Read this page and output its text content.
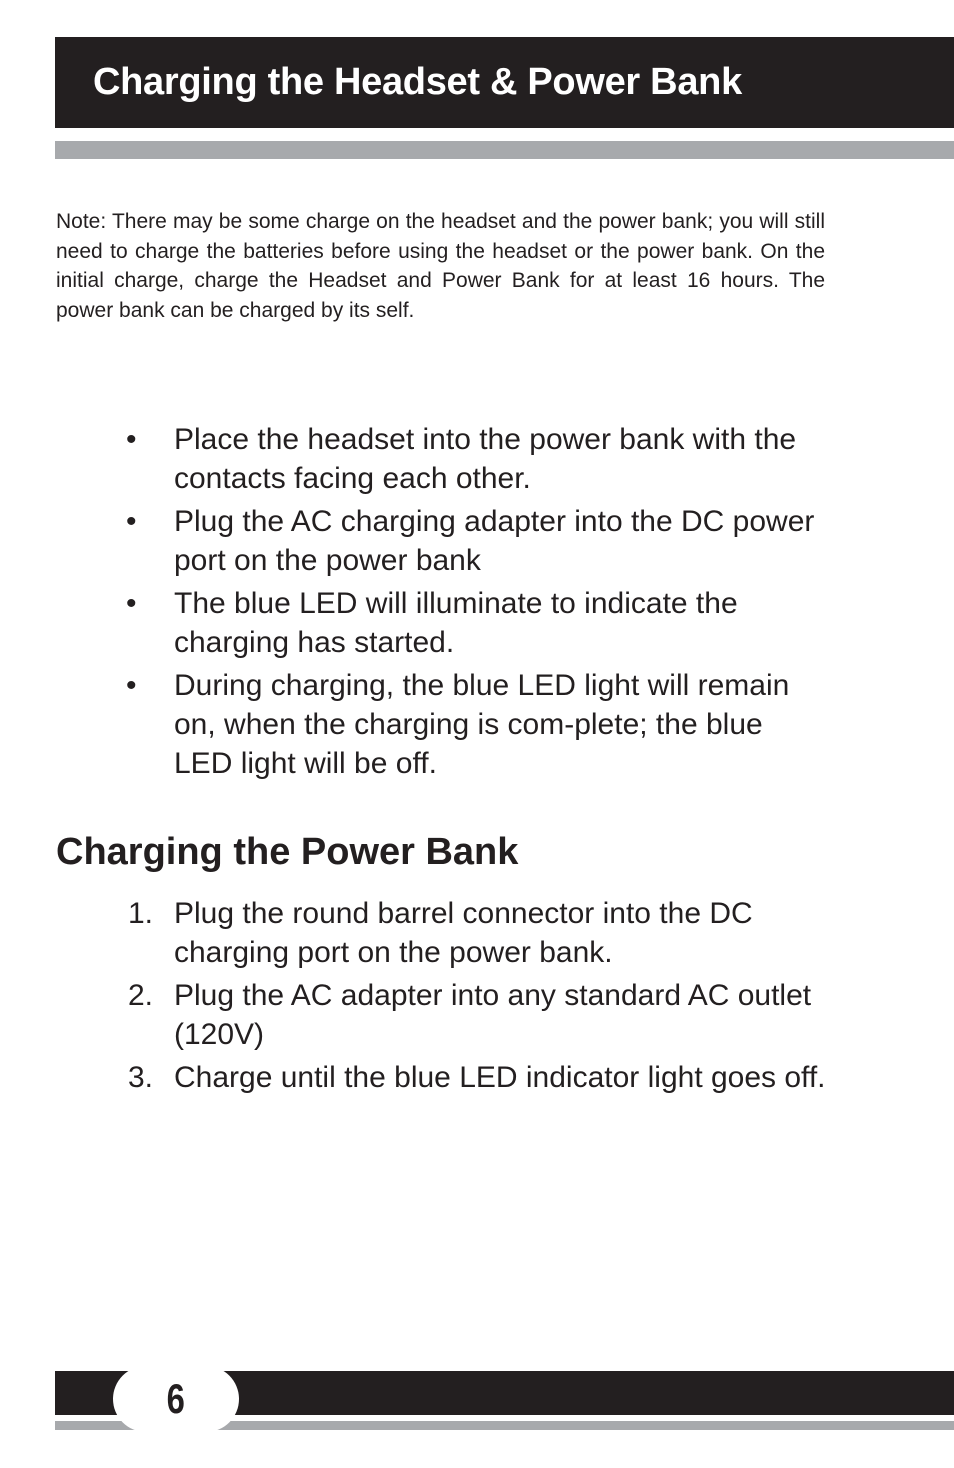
Charging the Headset & Power Bank

Note: There may be some charge on the headset and the power bank; you will still need to charge the batteries before using the headset or the power bank. On the initial charge, charge the Headset and Power Bank for at least 16 hours. The power bank can be charged by its self.

• Place the headset into the power bank with the contacts facing each other.
• Plug the AC charging adapter into the DC power port on the power bank
• The blue LED will illuminate to indicate the charging has started.
• During charging, the blue LED light will remain on, when the charging is com-plete; the blue LED light will be off.
Charging the Power Bank
1. Plug the round barrel connector into the DC charging port on the power bank.
2. Plug the AC adapter into any standard AC outlet (120V)
3. Charge until the blue LED indicator light goes off.
6
